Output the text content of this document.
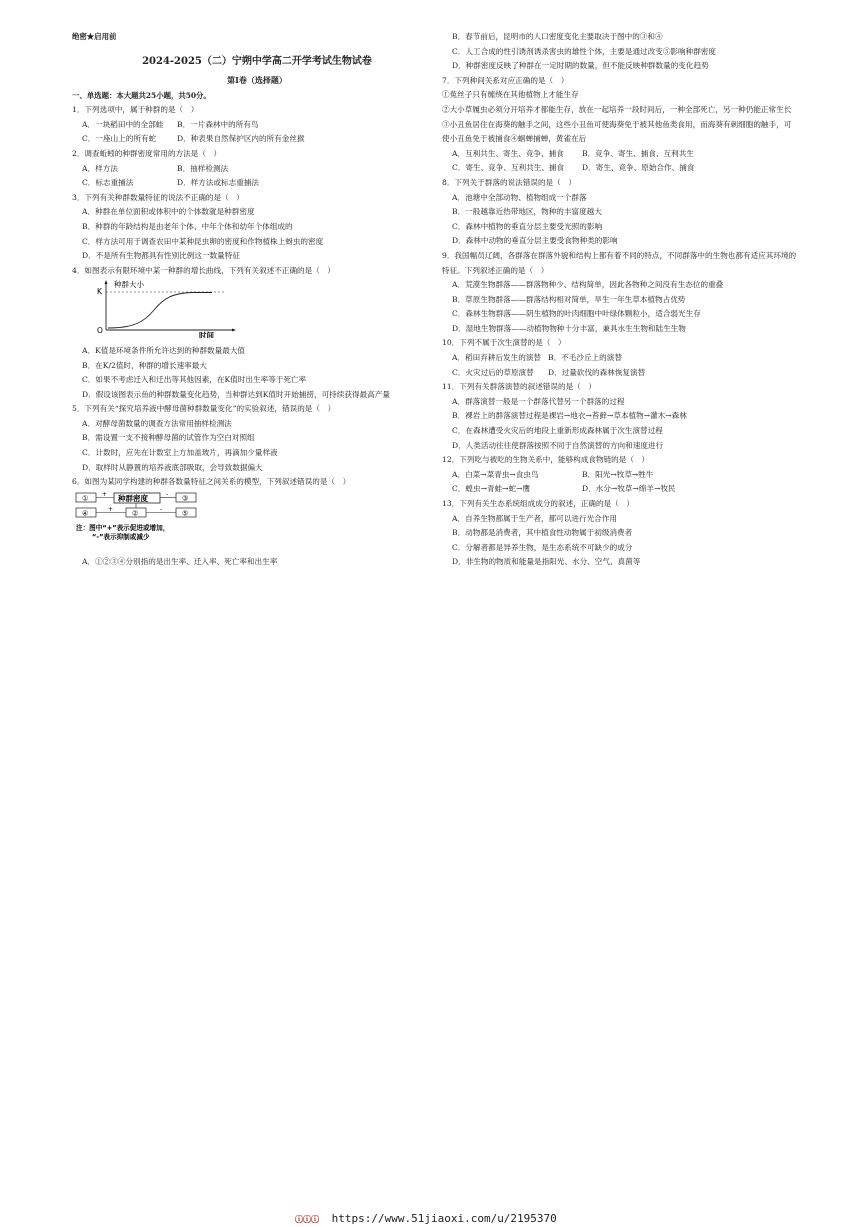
绝密★启用前
2024-2025（二）宁朔中学高二开学考试生物试卷
第Ⅰ卷（选择题）
一、单选题：本大题共25小题，共50分。
1．下列选项中，属于种群的是（　）
A．一块稻田中的全部蛙	B．一片森林中的所有鸟
C．一座山上的所有蛇	D．种表果自然保护区内的所有金丝猴
2．调查蚯蚓的种群密度常用的方法是（　）
A．样方法	B．抽样检测法
C．标志重捕法	D．样方法或标志重捕法
3．下列有关种群数量特征的说法不正确的是（　）
A．种群在单位面积或体积中的个体数就是种群密度
B．种群的年龄结构是由老年个体、中年个体和幼年个体组成的
C．样方法可用于调查农田中某种昆虫卵的密度和作物植株上蚜虫的密度
D．不是所有生物都具有性别比例这一数量特征
4．如图表示有限环境中某一种群的增长曲线，下列有关叙述不正确的是（　）
种群大小
K
O
时间
A．K值是环境条件所允许达到的种群数量最大值
B．在K/2值时，种群的增长速率最大
C．如果不考虑迁入和迁出等其他因素，在K值时出生率等于死亡率
D．假设该图表示鱼的种群数量变化趋势，当种群达到K值时开始捕捞，可持续获得最高产量
5．下列有关“探究培养液中酵母菌种群数量变化”的实验叙述，错误的是（　）
A．对酵母菌数量的调查方法常用抽样检测法
B．需设置一支不接种酵母菌的试管作为空白对照组
C．计数时，应先在计数室上方加盖玻片，再滴加少量样液
D．取样时从静置的培养液底部吸取，会导致数据偏大
6．如图为某同学构建的种群各数量特征之间关系的模型，下列叙述错误的是（　）
①	种群密度	③
④	②	⑤
+	-
+	-
注：图中“+”表示促进或增加，
“-”表示抑制或减少
A．①②③④分别指的是出生率、迁入率、死亡率和出生率
B．春节前后，昆明市的人口密度变化主要取决于图中的③和④
C．人工合成的性引诱剂诱杀害虫的雄性个体，主要是通过改变⑤影响种群密度
D．种群密度反映了种群在一定时期的数量，但不能反映种群数量的变化趋势
7．下列种间关系对应正确的是（　）
①菟丝子只有缠绕在其他植物上才能生存
②大小草履虫必须分开培养才都能生存，放在一起培养一段时间后，一种全部死亡，另一种仍能正常生长
③小丑鱼居住在海葵的触手之间，这些小丑鱼可使海葵免于被其他鱼类食用，而海葵有刺细胞的触手，可
使小丑鱼免于被捕食④蛔蝉捕蝉，黄雀在后
A．互利共生、寄生、竞争、捕食	B．竞争、寄生、捕食、互利共生
C．寄生、竞争、互利共生、捕食	D．寄生、竞争、原始合作、捕食
8．下列关于群落的说法错误的是（　）
A．池塘中全部动物、植物组成一个群落
B．一般越靠近热带地区，物种的丰富度越大
C．森林中植物的垂直分层主要受光照的影响
D．森林中动物的垂直分层主要受食物种类的影响
9．我国幅员辽阔，各群落在群落外貌和结构上都有着不同的特点，不同群落中的生物也都有适应其环境的
特征。下列叙述正确的是（　）
A．荒漠生物群落——群落物种少、结构简单，因此各物种之间没有生态位的重叠
B．草原生物群落——群落结构相对简单，旱生一年生草本植物占优势
C．森林生物群落——阴生植物的叶肉细胞中叶绿体颗粒小，适合弱光生存
D．湿地生物群落——动植物物种十分丰富，兼具水生生物和陆生生物
10．下列不属于次生演替的是（　）
A．稻田弃耕后发生的演替 B．不毛沙丘上的演替
C．火灾过后的草原演替	D．过量砍伐的森林恢复演替
11．下列有关群落演替的叙述错误的是（　）
A．群落演替一般是一个群落代替另一个群落的过程
B．裸岩上的群落演替过程是裸岩→地衣→苔藓→草本植物→灌木→森林
C．在森林遭受火灾后的地段上重新形成森林属于次生演替过程
D．人类活动往往使群落按照不同于自然演替的方向和速度进行
12．下列吃与被吃的生物关系中，能够构成食物链的是（　）
A．白菜→菜青虫→食虫鸟	B．阳光→牧草→牲牛
C．蝗虫→青蛙→蛇→鹰	D．水分→牧草→绵羊→牧民
13．下列有关生态系统组成成分的叙述，正确的是（　）
A．自养生物都属于生产者，都可以进行光合作用
B．动物都是消费者，其中植食性动物属于初级消费者
C．分解者都是异养生物，是生态系统不可缺少的成分
D．非生物的物质和能量是指阳光、水分、空气、真菌等
ⓘⓘⓘ https://www.51jiaoxi.com/u/2195370
